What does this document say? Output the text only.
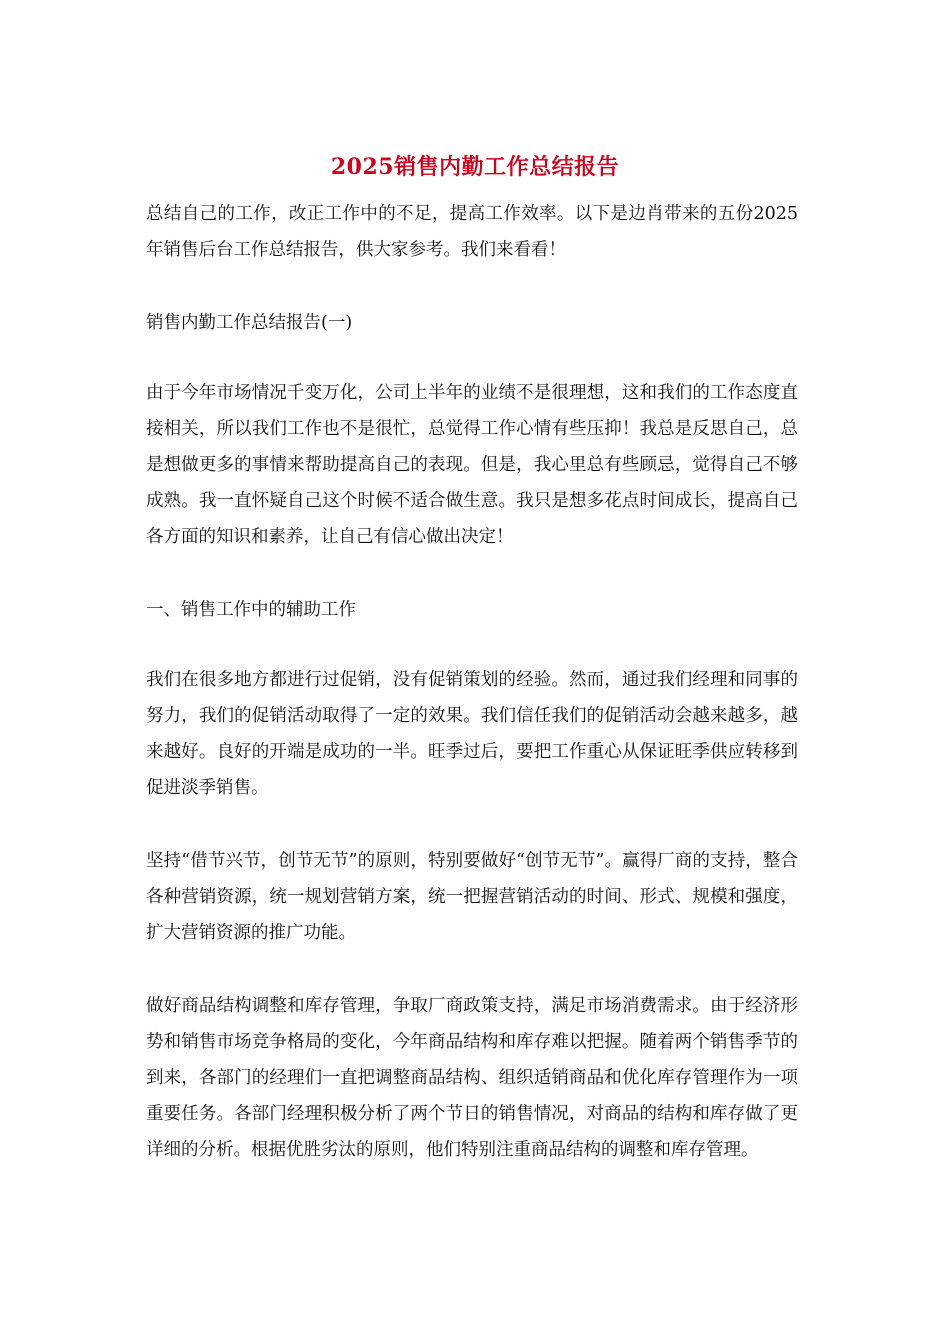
2025销售内勤工作总结报告

总结自己的工作，改正工作中的不足，提高工作效率。以下是边肖带来的五份2025年销售后台工作总结报告，供大家参考。我们来看看！

销售内勤工作总结报告(一)

由于今年市场情况千变万化，公司上半年的业绩不是很理想，这和我们的工作态度直接相关，所以我们工作也不是很忙，总觉得工作心情有些压抑！我总是反思自己，总是想做更多的事情来帮助提高自己的表现。但是，我心里总有些顾忌，觉得自己不够成熟。我一直怀疑自己这个时候不适合做生意。我只是想多花点时间成长，提高自己各方面的知识和素养，让自己有信心做出决定！

一、销售工作中的辅助工作

我们在很多地方都进行过促销，没有促销策划的经验。然而，通过我们经理和同事的努力，我们的促销活动取得了一定的效果。我们信任我们的促销活动会越来越多，越来越好。良好的开端是成功的一半。旺季过后，要把工作重心从保证旺季供应转移到促进淡季销售。

坚持“借节兴节，创节无节”的原则，特别要做好“创节无节”。赢得厂商的支持，整合各种营销资源，统一规划营销方案，统一把握营销活动的时间、形式、规模和强度，扩大营销资源的推广功能。

做好商品结构调整和库存管理，争取厂商政策支持，满足市场消费需求。由于经济形势和销售市场竞争格局的变化，今年商品结构和库存难以把握。随着两个销售季节的到来，各部门的经理们一直把调整商品结构、组织适销商品和优化库存管理作为一项重要任务。各部门经理积极分析了两个节日的销售情况，对商品的结构和库存做了更详细的分析。根据优胜劣汰的原则，他们特别注重商品结构的调整和库存管理。
